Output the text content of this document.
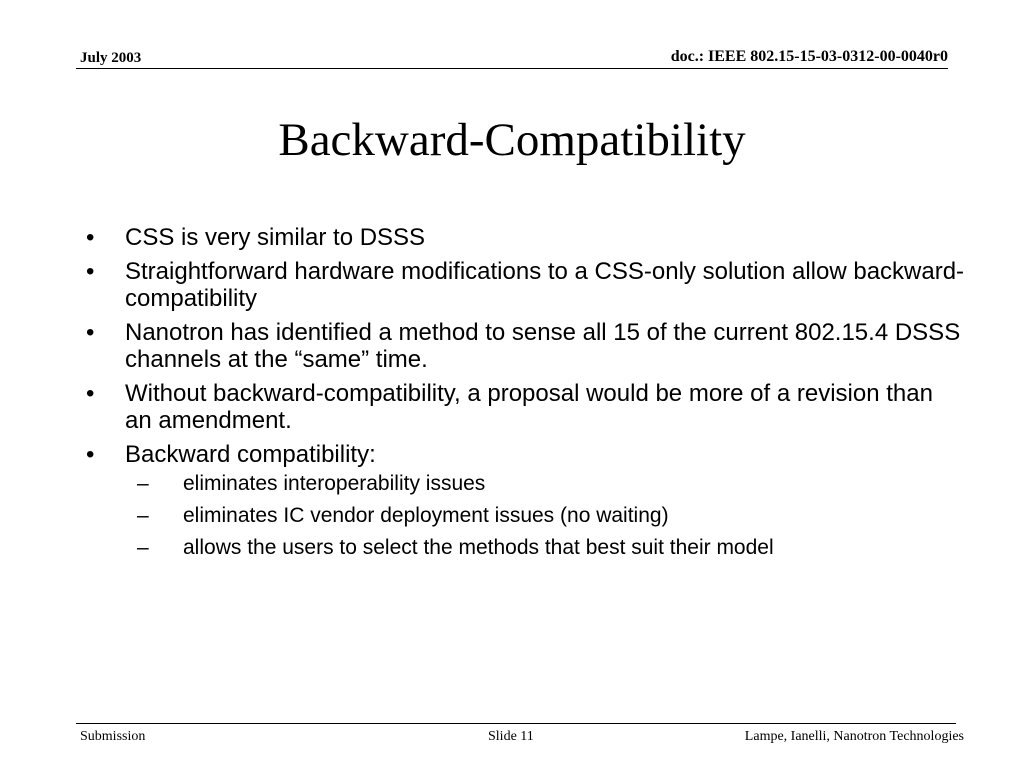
July 2003	doc.: IEEE 802.15-15-03-0312-00-0040r0
Backward-Compatibility
• CSS is very similar to DSSS
• Straightforward hardware modifications to a CSS-only solution allow backward-compatibility
• Nanotron has identified a method to sense all 15 of the current 802.15.4 DSSS channels at the “same” time.
• Without backward-compatibility, a proposal would be more of a revision than an amendment.
• Backward compatibility:
– eliminates interoperability issues
– eliminates IC vendor deployment issues (no waiting)
– allows the users to select the methods that best suit their model
Submission	Slide 11	Lampe, Ianelli, Nanotron Technologies
